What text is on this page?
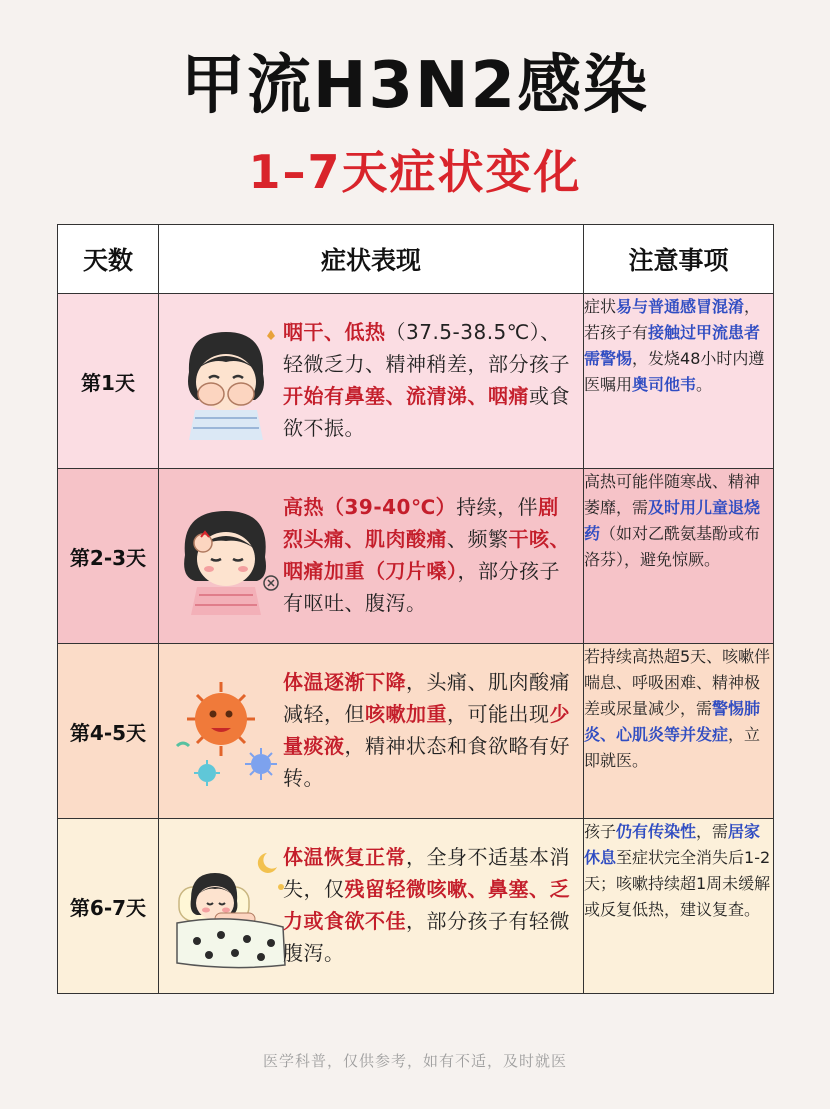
甲流H3N2感染
1–7天症状变化
天数	症状表现	注意事项
第1天	咽干、低热（37.5-38.5℃）、轻微乏力、精神稍差，部分孩子开始有鼻塞、流清涕、咽痛或食欲不振。	症状易与普通感冒混淆，若孩子有接触过甲流患者需警惕，发烧48小时内遵医嘱用奥司他韦。
第2-3天	高热（39-40℃）持续，伴剧烈头痛、肌肉酸痛、频繁干咳、咽痛加重（刀片嗓），部分孩子有呕吐、腹泻。	高热可能伴随寒战、精神萎靡，需及时用儿童退烧药（如对乙酰氨基酚或布洛芬），避免惊厥。
第4-5天	体温逐渐下降，头痛、肌肉酸痛减轻，但咳嗽加重，可能出现少量痰液，精神状态和食欲略有好转。	若持续高热超5天、咳嗽伴喘息、呼吸困难、精神极差或尿量减少，需警惕肺炎、心肌炎等并发症，立即就医。
第6-7天	体温恢复正常，全身不适基本消失，仅残留轻微咳嗽、鼻塞、乏力或食欲不佳，部分孩子有轻微腹泻。	孩子仍有传染性，需居家休息至症状完全消失后1-2天；咳嗽持续超1周未缓解或反复低热，建议复查。
医学科普，仅供参考，如有不适，及时就医
